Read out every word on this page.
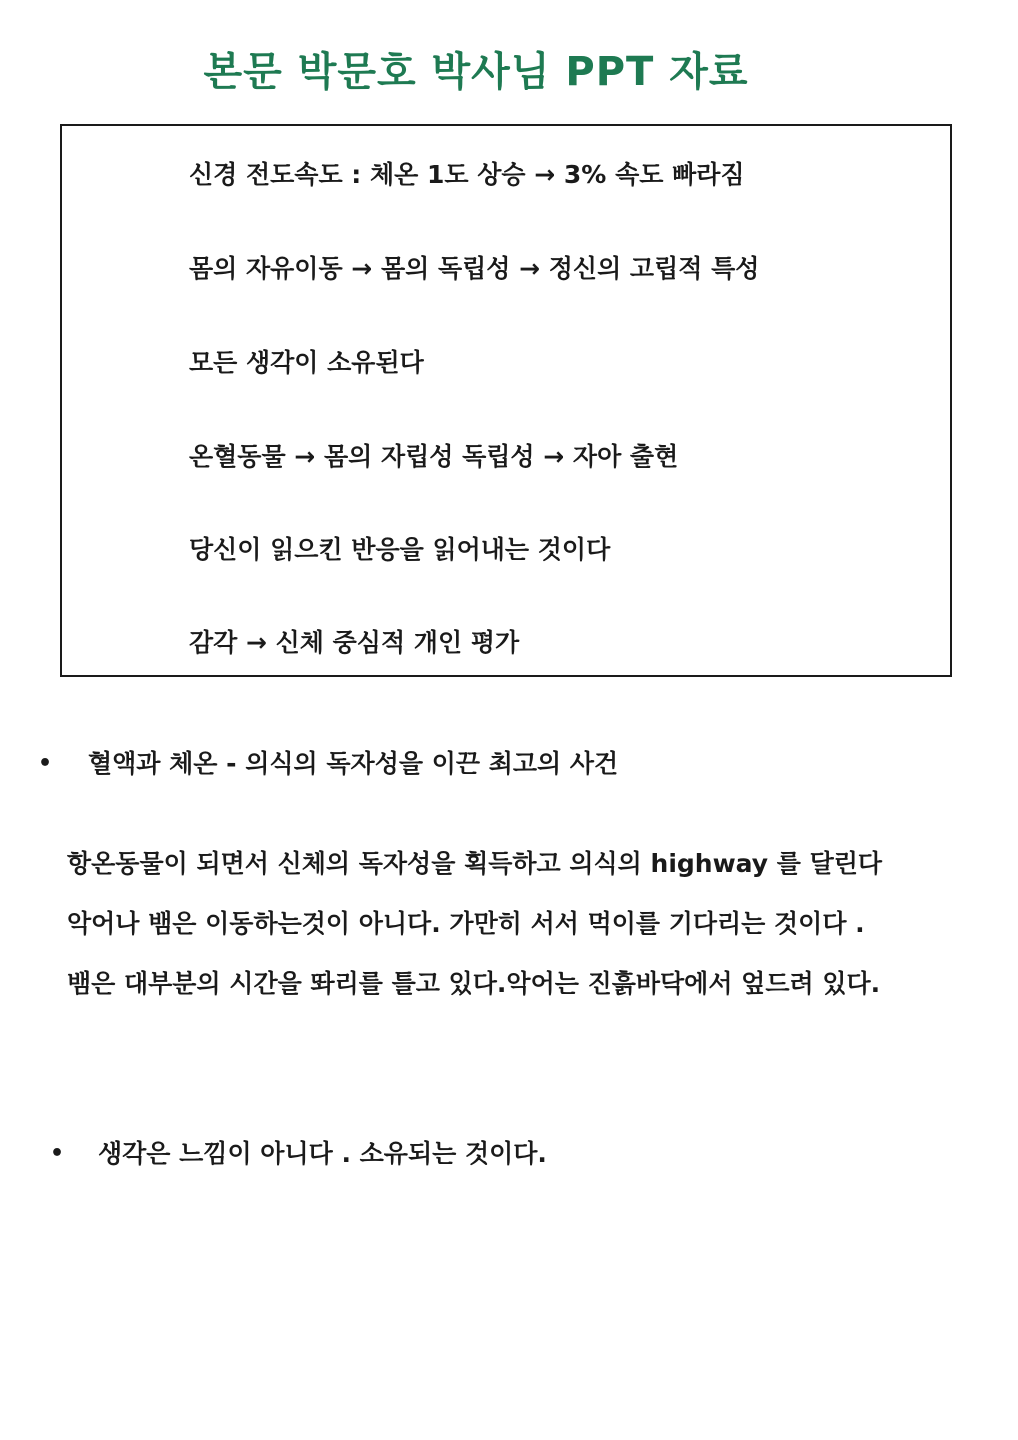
본문 박문호 박사님 PPT 자료
신경 전도속도 : 체온 1도 상승 → 3% 속도 빠라짐
몸의 자유이동 → 몸의 독립성 → 정신의 고립적 특성
모든 생각이 소유된다
온혈동물 → 몸의 자립성 독립성 → 자아 출현
당신이 읽으킨 반응을 읽어내는 것이다
감각 → 신체 중심적 개인 평가
• 혈액과 체온 - 의식의 독자성을 이끈 최고의 사건
항온동물이 되면서 신체의 독자성을 획득하고 의식의 highway 를 달린다
악어나 뱀은 이동하는것이 아니다. 가만히 서서 먹이를 기다리는 것이다 .
뱀은 대부분의 시간을 똬리를 틀고 있다.악어는 진흙바닥에서 엎드려 있다.
• 생각은 느낌이 아니다 . 소유되는 것이다.
